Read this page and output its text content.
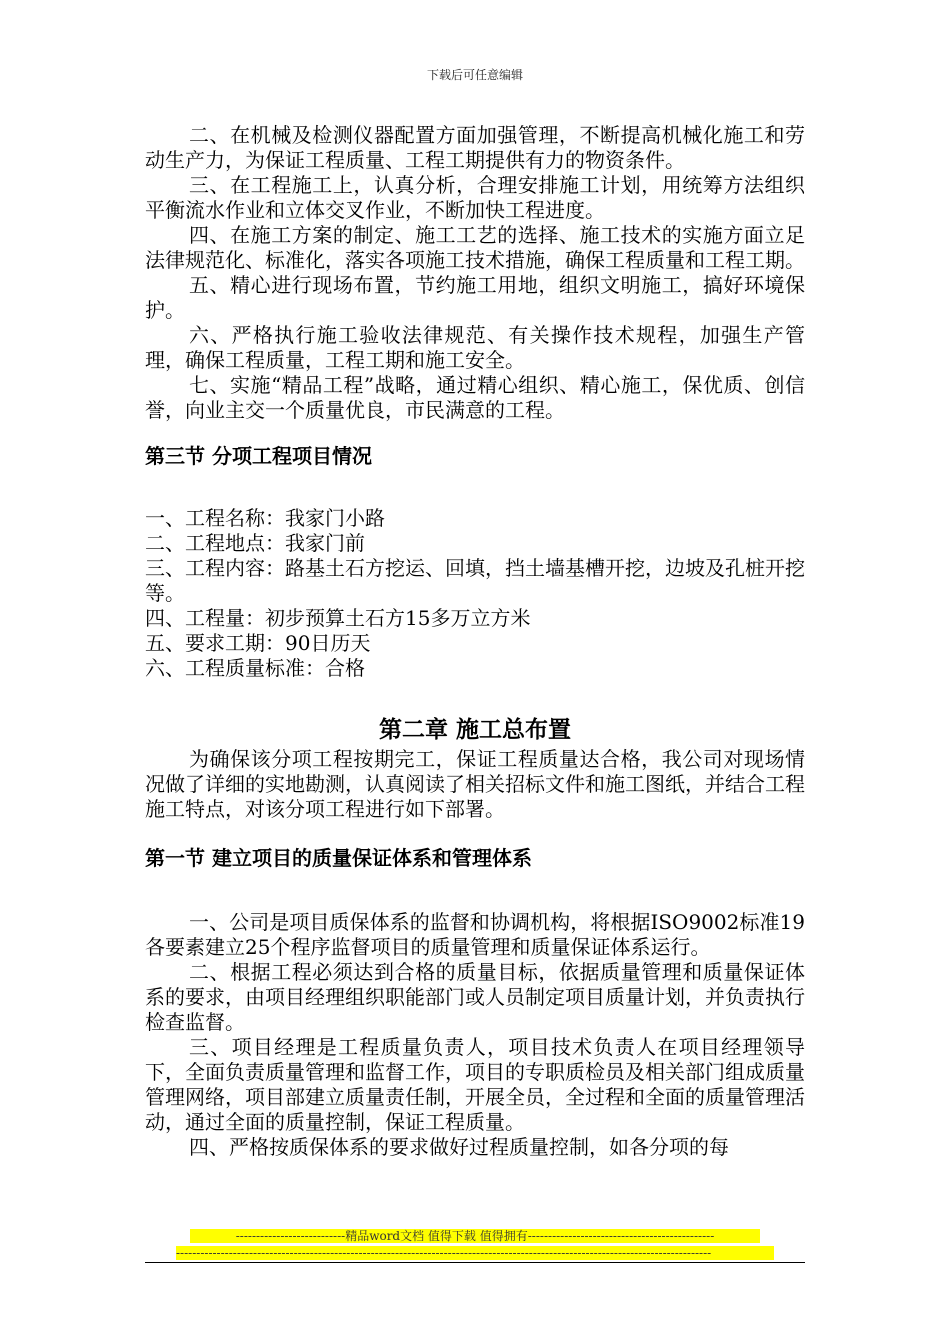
下载后可任意编辑

二、在机械及检测仪器配置方面加强管理，不断提高机械化施工和劳动生产力，为保证工程质量、工程工期提供有力的物资条件。

三、在工程施工上，认真分析，合理安排施工计划，用统筹方法组织平衡流水作业和立体交叉作业，不断加快工程进度。

四、在施工方案的制定、施工工艺的选择、施工技术的实施方面立足法律规范化、标准化，落实各项施工技术措施，确保工程质量和工程工期。

五、精心进行现场布置，节约施工用地，组织文明施工，搞好环境保护。

六、严格执行施工验收法律规范、有关操作技术规程，加强生产管理，确保工程质量，工程工期和施工安全。

七、实施“精品工程”战略，通过精心组织、精心施工，保优质、创信誉，向业主交一个质量优良，市民满意的工程。

第三节 分项工程项目情况

一、工程名称：我家门小路

二、工程地点：我家门前

三、工程内容：路基土石方挖运、回填，挡土墙基槽开挖，边坡及孔桩开挖等。

四、工程量：初步预算土石方15多万立方米

五、要求工期：90日历天

六、工程质量标准：合格

第二章 施工总布置

为确保该分项工程按期完工，保证工程质量达合格，我公司对现场情况做了详细的实地勘测，认真阅读了相关招标文件和施工图纸，并结合工程施工特点，对该分项工程进行如下部署。

第一节 建立项目的质量保证体系和管理体系

一、公司是项目质保体系的监督和协调机构，将根据ISO9002标准19各要素建立25个程序监督项目的质量管理和质量保证体系运行。

二、根据工程必须达到合格的质量目标，依据质量管理和质量保证体系的要求，由项目经理组织职能部门或人员制定项目质量计划，并负责执行检查监督。

三、项目经理是工程质量负责人，项目技术负责人在项目经理领导下，全面负责质量管理和监督工作，项目的专职质检员及相关部门组成质量管理网络，项目部建立质量责任制，开展全员，全过程和全面的质量管理活动，通过全面的质量控制，保证工程质量。

四、严格按质保体系的要求做好过程质量控制，如各分项的每

---------------------------精品word文档 值得下载 值得拥有----------------------------------------------
------------------------------------------------------------------------------------------------------------------------------------
